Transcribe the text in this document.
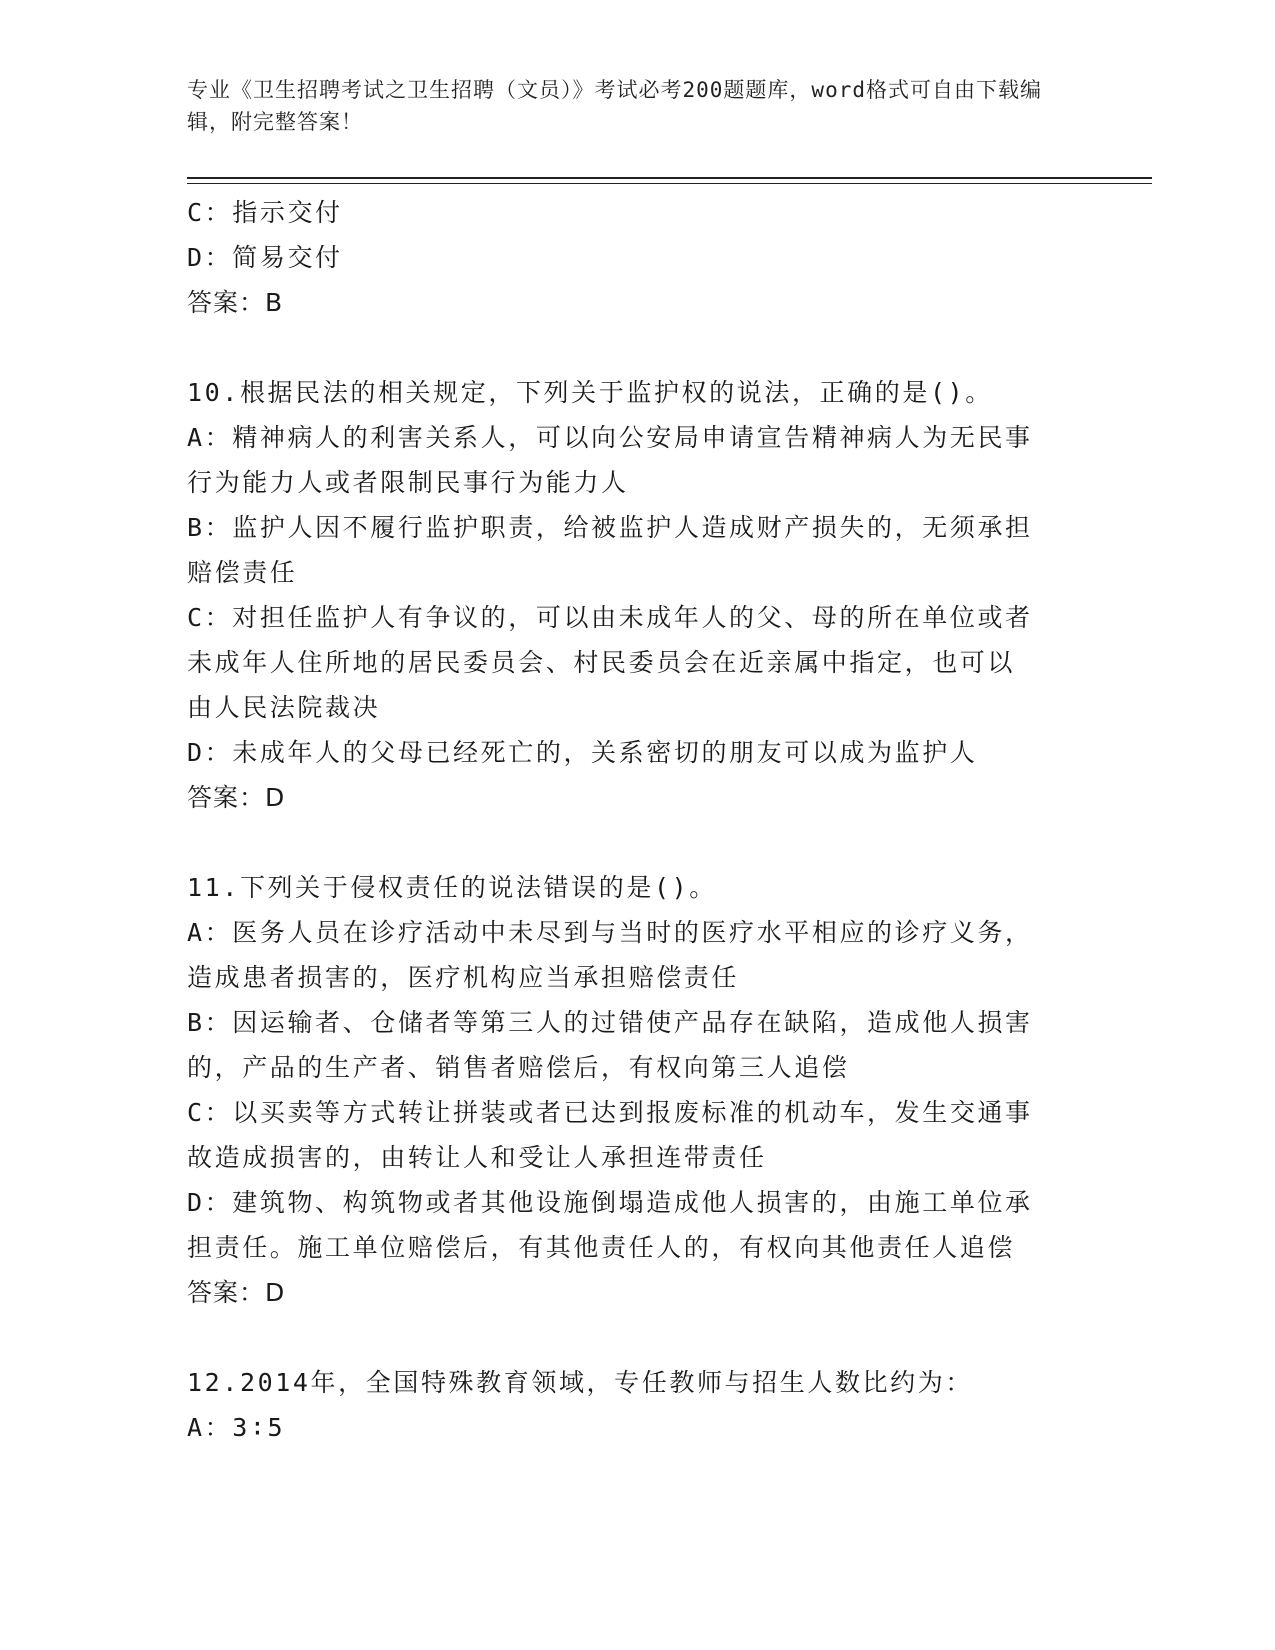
专业《卫生招聘考试之卫生招聘（文员）》考试必考200题题库，word格式可自由下载编辑，附完整答案！
C：指示交付
D：简易交付
答案：B
10.根据民法的相关规定，下列关于监护权的说法，正确的是()。
A：精神病人的利害关系人，可以向公安局申请宣告精神病人为无民事
行为能力人或者限制民事行为能力人
B：监护人因不履行监护职责，给被监护人造成财产损失的，无须承担
赔偿责任
C：对担任监护人有争议的，可以由未成年人的父、母的所在单位或者
未成年人住所地的居民委员会、村民委员会在近亲属中指定，也可以
由人民法院裁决
D：未成年人的父母已经死亡的，关系密切的朋友可以成为监护人
答案：D
11.下列关于侵权责任的说法错误的是()。
A：医务人员在诊疗活动中未尽到与当时的医疗水平相应的诊疗义务，
造成患者损害的，医疗机构应当承担赔偿责任
B：因运输者、仓储者等第三人的过错使产品存在缺陷，造成他人损害
的，产品的生产者、销售者赔偿后，有权向第三人追偿
C：以买卖等方式转让拼装或者已达到报废标准的机动车，发生交通事
故造成损害的，由转让人和受让人承担连带责任
D：建筑物、构筑物或者其他设施倒塌造成他人损害的，由施工单位承
担责任。施工单位赔偿后，有其他责任人的，有权向其他责任人追偿
答案：D
12.2014年，全国特殊教育领域，专任教师与招生人数比约为：
A：3∶5
